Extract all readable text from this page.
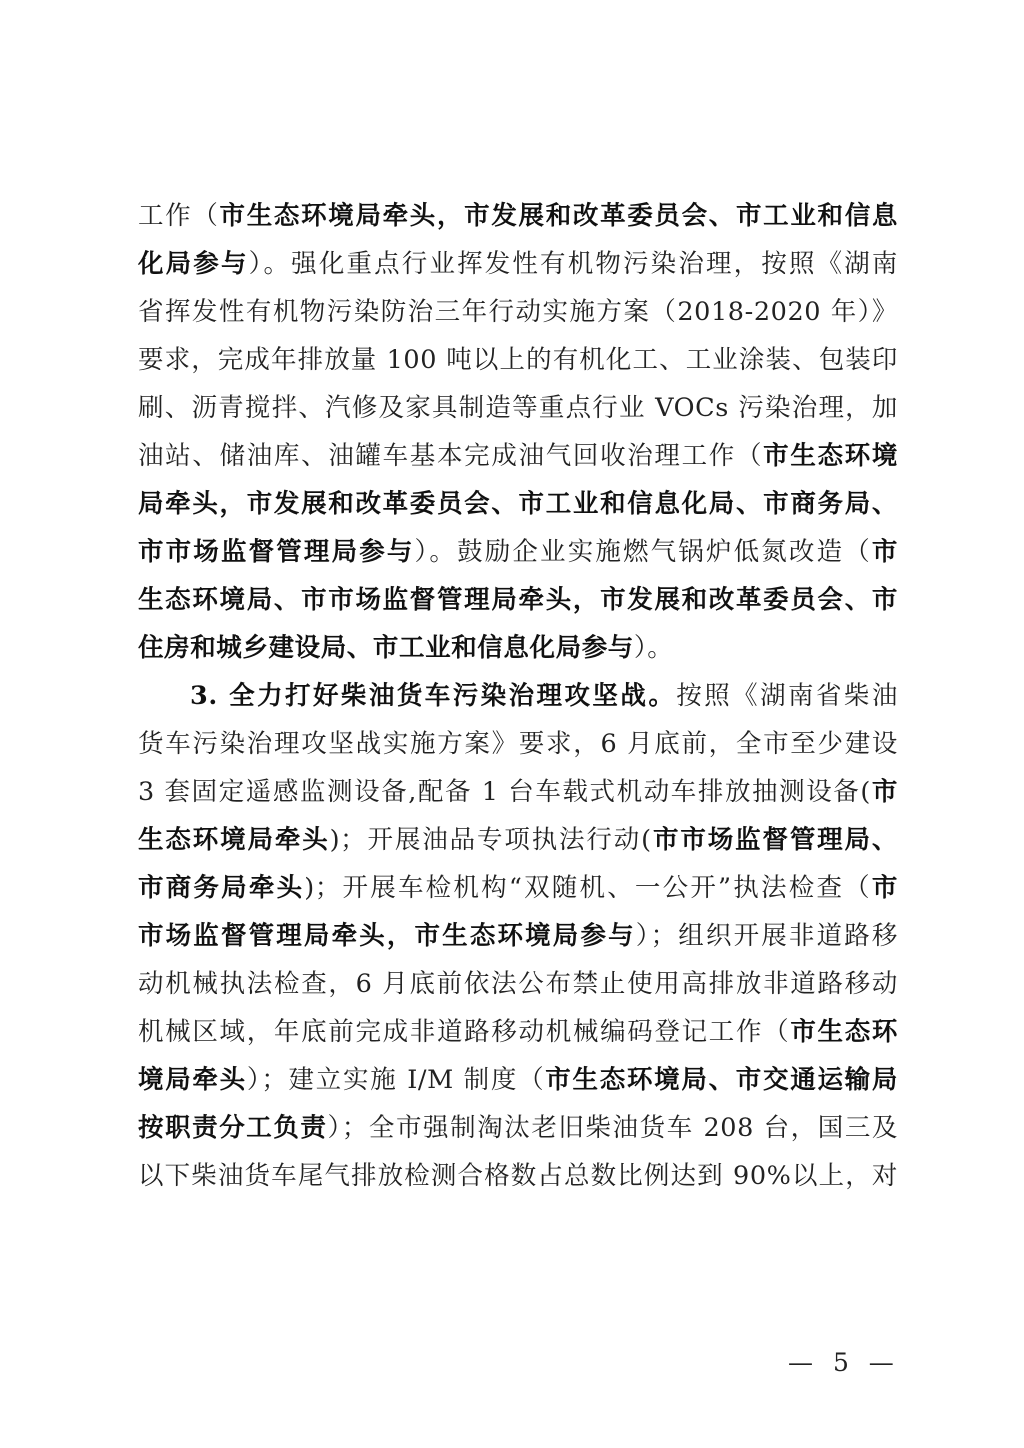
工作（市生态环境局牵头，市发展和改革委员会、市工业和信息
化局参与）。强化重点行业挥发性有机物污染治理，按照《湖南
省挥发性有机物污染防治三年行动实施方案（2018-2020 年）》
要求，完成年排放量 100 吨以上的有机化工、工业涂装、包装印
刷、沥青搅拌、汽修及家具制造等重点行业 VOCs 污染治理，加
油站、储油库、油罐车基本完成油气回收治理工作（市生态环境
局牵头，市发展和改革委员会、市工业和信息化局、市商务局、
市市场监督管理局参与）。鼓励企业实施燃气锅炉低氮改造（市
生态环境局、市市场监督管理局牵头，市发展和改革委员会、市
住房和城乡建设局、市工业和信息化局参与）。
3. 全力打好柴油货车污染治理攻坚战。按照《湖南省柴油
货车污染治理攻坚战实施方案》要求，6 月底前，全市至少建设
3 套固定遥感监测设备,配备 1 台车载式机动车排放抽测设备(市
生态环境局牵头)；开展油品专项执法行动(市市场监督管理局、
市商务局牵头)；开展车检机构“双随机、一公开”执法检查（市
市场监督管理局牵头，市生态环境局参与）；组织开展非道路移
动机械执法检查，6 月底前依法公布禁止使用高排放非道路移动
机械区域，年底前完成非道路移动机械编码登记工作（市生态环
境局牵头）；建立实施 I/M 制度（市生态环境局、市交通运输局
按职责分工负责）；全市强制淘汰老旧柴油货车 208 台，国三及
以下柴油货车尾气排放检测合格数占总数比例达到 90%以上，对
— 5 —
